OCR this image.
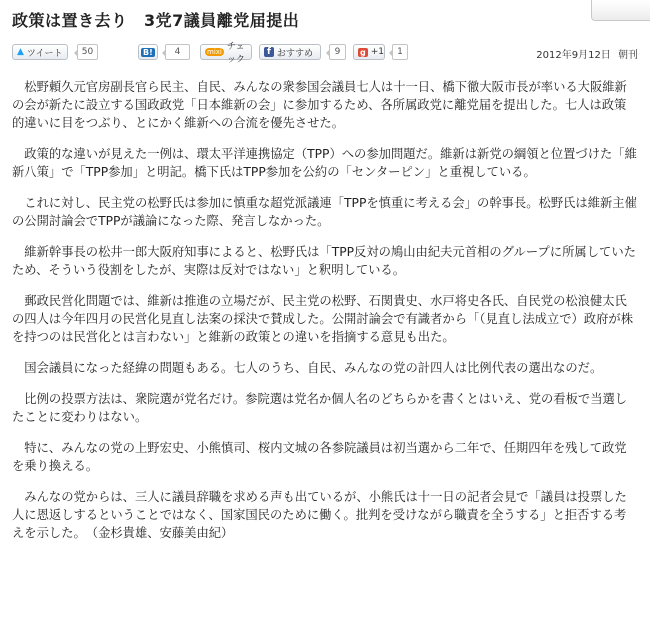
政策は置き去り　3党7議員離党届提出
▲ ツイート	50	B!	4	mixi チェック
f おすすめ	9	g +1	1	2012年9月12日 朝刊

松野頼久元官房副長官ら民主、自民、みんなの衆参国会議員七人は十一日、橋下徹大阪市長が率いる大阪維新の会が新たに設立する国政政党「日本維新の会」に参加するため、各所属政党に離党届を提出した。七人は政策的違いに目をつぶり、とにかく維新への合流を優先させた。

政策的な違いが見えた一例は、環太平洋連携協定（TPP）への参加問題だ。維新は新党の綱領と位置づけた「維新八策」で「TPP参加」と明記。橋下氏はTPP参加を公約の「センターピン」と重視している。

これに対し、民主党の松野氏は参加に慎重な超党派議連「TPPを慎重に考える会」の幹事長。松野氏は維新主催の公開討論会でTPPが議論になった際、発言しなかった。

維新幹事長の松井一郎大阪府知事によると、松野氏は「TPP反対の鳩山由紀夫元首相のグループに所属していたため、そういう役割をしたが、実際は反対ではない」と釈明している。

郵政民営化問題では、維新は推進の立場だが、民主党の松野、石関貴史、水戸将史各氏、自民党の松浪健太氏の四人は今年四月の民営化見直し法案の採決で賛成した。公開討論会で有識者から「（見直し法成立で）政府が株を持つのは民営化とは言わない」と維新の政策との違いを指摘する意見も出た。

国会議員になった経緯の問題もある。七人のうち、自民、みんなの党の計四人は比例代表の選出なのだ。

比例の投票方法は、衆院選が党名だけ。参院選は党名か個人名のどちらかを書くとはいえ、党の看板で当選したことに変わりはない。

特に、みんなの党の上野宏史、小熊慎司、桜内文城の各参院議員は初当選から二年で、任期四年を残して政党を乗り換える。

みんなの党からは、三人に議員辞職を求める声も出ているが、小熊氏は十一日の記者会見で「議員は投票した人に恩返しするということではなく、国家国民のために働く。批判を受けながら職責を全うする」と拒否する考えを示した。　（金杉貴雄、安藤美由紀）
